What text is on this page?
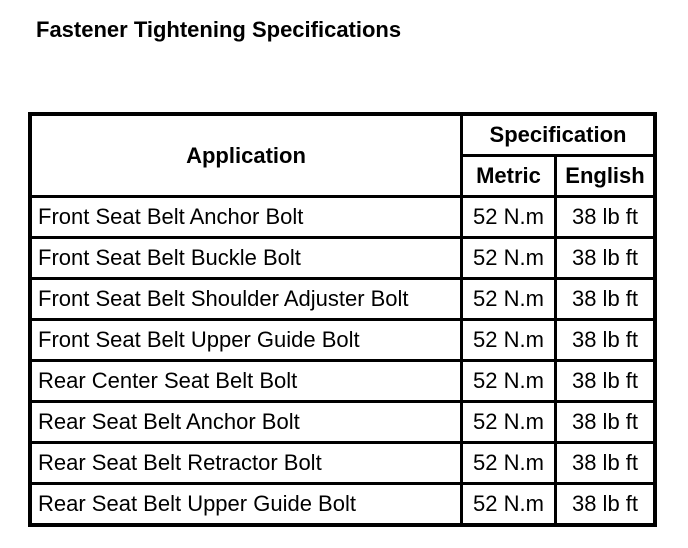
Fastener Tightening Specifications
Application
Specification
Metric	English
Front Seat Belt Anchor Bolt	52 N.m	38 lb ft
Front Seat Belt Buckle Bolt	52 N.m	38 lb ft
Front Seat Belt Shoulder Adjuster Bolt	52 N.m	38 lb ft
Front Seat Belt Upper Guide Bolt	52 N.m	38 lb ft
Rear Center Seat Belt Bolt	52 N.m	38 lb ft
Rear Seat Belt Anchor Bolt	52 N.m	38 lb ft
Rear Seat Belt Retractor Bolt	52 N.m	38 lb ft
Rear Seat Belt Upper Guide Bolt	52 N.m	38 lb ft
